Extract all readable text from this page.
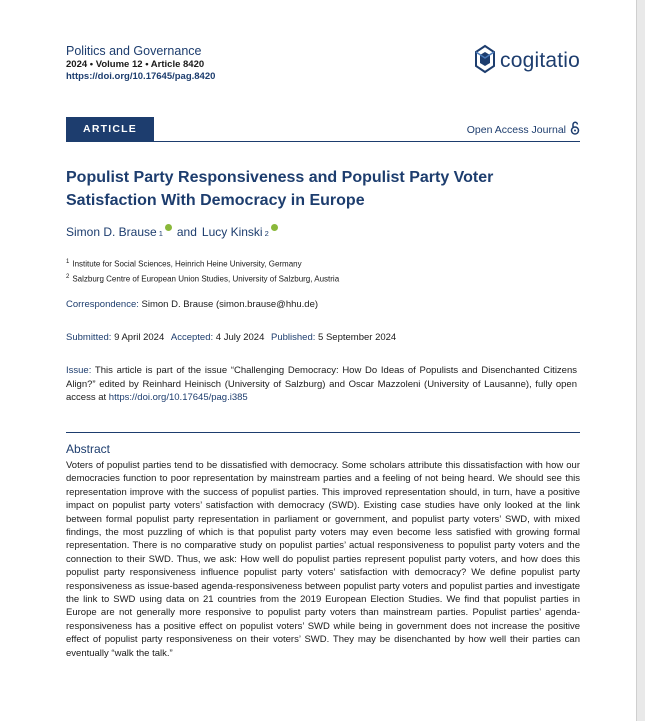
Politics and Governance
2024 • Volume 12 • Article 8420
https://doi.org/10.17645/pag.8420
cogitatio
ARTICLE	Open Access Journal
Populist Party Responsiveness and Populist Party Voter Satisfaction With Democracy in Europe
Simon D. Brause 1 and Lucy Kinski 2
$^1$ Institute for Social Sciences, Heinrich Heine University, Germany
$^2$ Salzburg Centre of European Union Studies, University of Salzburg, Austria
Correspondence: Simon D. Brause (simon.brause@hhu.de)
Submitted: 9 April 2024 Accepted: 4 July 2024 Published: 5 September 2024
Issue: This article is part of the issue “Challenging Democracy: How Do Ideas of Populists and Disenchanted Citizens Align?” edited by Reinhard Heinisch (University of Salzburg) and Oscar Mazzoleni (University of Lausanne), fully open access at https://doi.org/10.17645/pag.i385
Abstract
Voters of populist parties tend to be dissatisfied with democracy. Some scholars attribute this dissatisfaction with how our democracies function to poor representation by mainstream parties and a feeling of not being heard. We should see this representation improve with the success of populist parties. This improved representation should, in turn, have a positive impact on populist party voters’ satisfaction with democracy (SWD). Existing case studies have only looked at the link between formal populist party representation in parliament or government, and populist party voters’ SWD, with mixed findings, the most puzzling of which is that populist party voters may even become less satisfied with growing formal representation. There is no comparative study on populist parties’ actual responsiveness to populist party voters and the connection to their SWD. Thus, we ask: How well do populist parties represent populist party voters, and how does this populist party responsiveness influence populist party voters’ satisfaction with democracy? We define populist party responsiveness as issue-based agenda-responsiveness between populist party voters and populist parties and investigate the link to SWD using data on 21 countries from the 2019 European Election Studies. We find that populist parties in Europe are not generally more responsive to populist party voters than mainstream parties. Populist parties’ agenda-responsiveness has a positive effect on populist voters’ SWD while being in government does not increase the positive effect of populist party responsiveness on their voters’ SWD. They may be disenchanted by how well their parties can eventually “walk the talk.”
